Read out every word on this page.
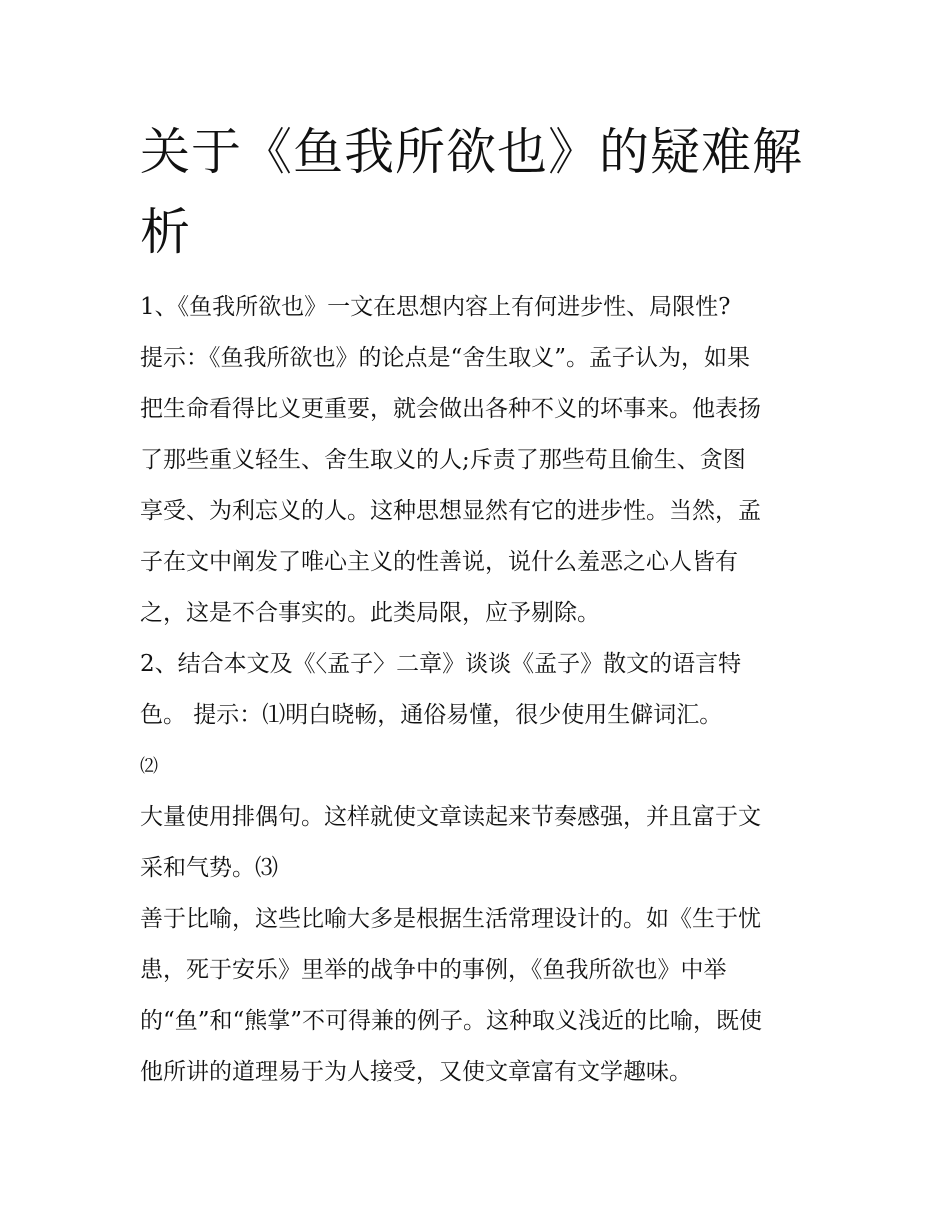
关于《鱼我所欲也》的疑难解
析
1、《鱼我所欲也》一文在思想内容上有何进步性、局限性?
提示：《鱼我所欲也》的论点是“舍生取义”。孟子认为，如果
把生命看得比义更重要，就会做出各种不义的坏事来。他表扬
了那些重义轻生、舍生取义的人;斥责了那些苟且偷生、贪图
享受、为利忘义的人。这种思想显然有它的进步性。当然，孟
子在文中阐发了唯心主义的性善说，说什么羞恶之心人皆有
之，这是不合事实的。此类局限，应予剔除。
2、结合本文及《〈孟子〉二章》谈谈《孟子》散文的语言特
色。 提示：⑴明白晓畅，通俗易懂，很少使用生僻词汇。
⑵
大量使用排偶句。这样就使文章读起来节奏感强，并且富于文
采和气势。⑶
善于比喻，这些比喻大多是根据生活常理设计的。如《生于忧
患，死于安乐》里举的战争中的事例，《鱼我所欲也》中举
的“鱼”和“熊掌”不可得兼的例子。这种取义浅近的比喻，既使
他所讲的道理易于为人接受，又使文章富有文学趣味。
